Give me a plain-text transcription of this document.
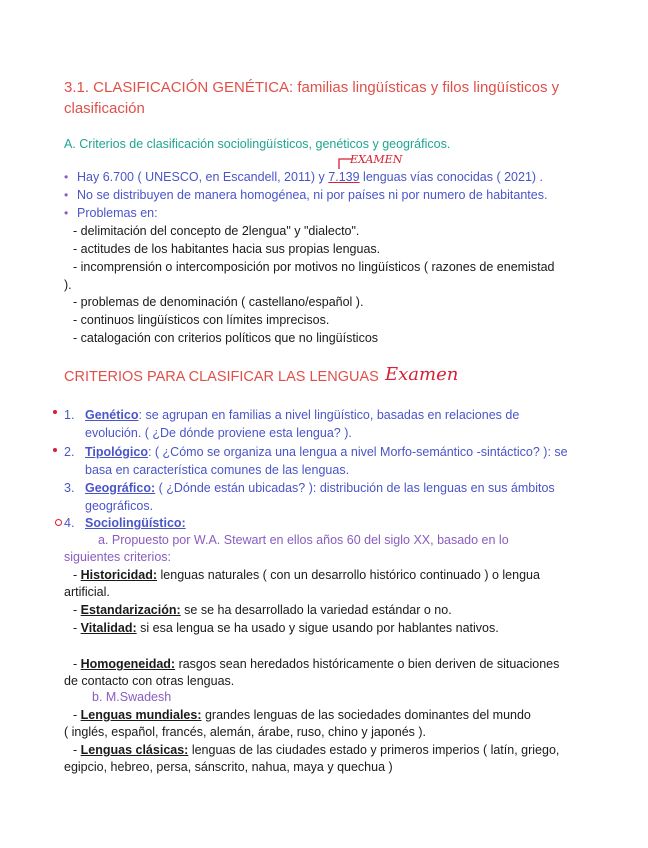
3.1. CLASIFICACIÓN GENÉTICA: familias lingüísticas y filos lingüísticos y
clasificación
A. Criterios de clasificación sociolingüísticos, genéticos y geográficos.
EXAMEN
• Hay 6.700 ( UNESCO, en Escandell, 2011) y 7.139 lenguas vías conocidas ( 2021) .
• No se distribuyen de manera homogénea, ni por países ni por numero de habitantes.
• Problemas en:
- delimitación del concepto de 2lengua" y "dialecto".
- actitudes de los habitantes hacia sus propias lenguas.
- incomprensión o intercomposición por motivos no lingüísticos ( razones de enemistad
).
- problemas de denominación ( castellano/español ).
- continuos lingüísticos con límites imprecisos.
- catalogación con criterios políticos que no lingüísticos
CRITERIOS PARA CLASIFICAR LAS LENGUAS Examen
1. Genético: se agrupan en familias a nivel lingüístico, basadas en relaciones de
evolución. ( ¿De dónde proviene esta lengua? ).
2. Tipológico: ( ¿Cómo se organiza una lengua a nivel Morfo-semántico -sintáctico? ): se
basa en característica comunes de las lenguas.
3. Geográfico: ( ¿Dónde están ubicadas? ): distribución de las lenguas en sus ámbitos
geográficos.
4. Sociolingüístico:
a. Propuesto por W.A. Stewart en ellos años 60 del siglo XX, basado en lo
siguientes criterios:
- Historicidad: lenguas naturales ( con un desarrollo histórico continuado ) o lengua
artificial.
- Estandarización: se se ha desarrollado la variedad estándar o no.
- Vitalidad: si esa lengua se ha usado y sigue usando por hablantes nativos.
- Homogeneidad: rasgos sean heredados históricamente o bien deriven de situaciones
de contacto con otras lenguas.
b. M.Swadesh
- Lenguas mundiales: grandes lenguas de las sociedades dominantes del mundo
( inglés, español, francés, alemán, árabe, ruso, chino y japonés ).
- Lenguas clásicas: lenguas de las ciudades estado y primeros imperios ( latín, griego,
egipcio, hebreo, persa, sánscrito, nahua, maya y quechua )
